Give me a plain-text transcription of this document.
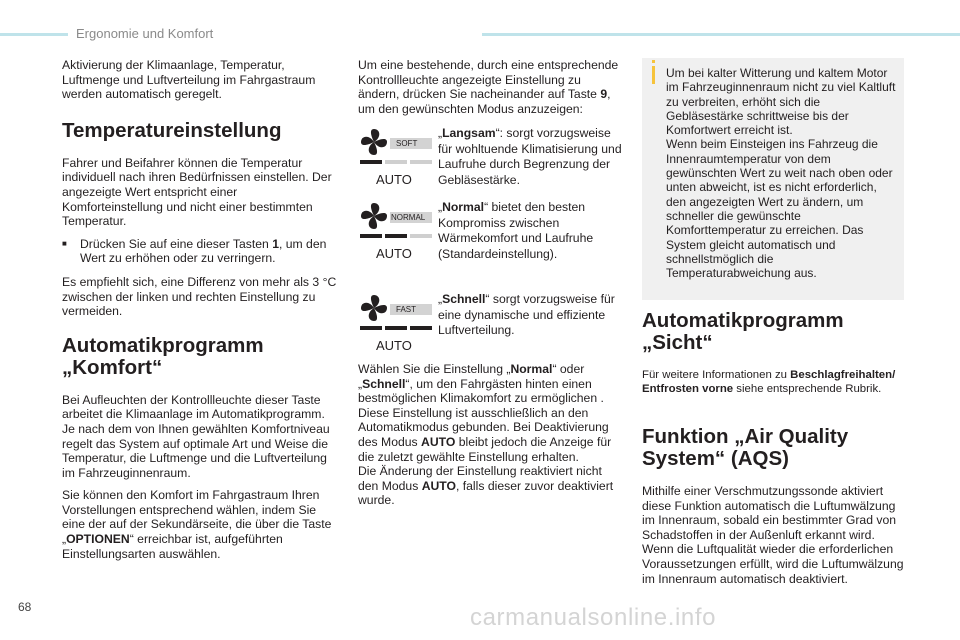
Ergonomie und Komfort

Aktivierung der Klimaanlage, Temperatur, Luftmenge und Luftverteilung im Fahrgastraum werden automatisch geregelt.

Temperatureinstellung

Fahrer und Beifahrer können die Temperatur individuell nach ihren Bedürfnissen einstellen. Der angezeigte Wert entspricht einer Komforteinstellung und nicht einer bestimmten Temperatur.

■	Drücken Sie auf eine dieser Tasten 1, um den Wert zu erhöhen oder zu verringern.

Es empfiehlt sich, eine Differenz von mehr als 3 °C zwischen der linken und rechten Einstellung zu vermeiden.

Automatikprogramm „Komfort“

Bei Aufleuchten der Kontrollleuchte dieser Taste arbeitet die Klimaanlage im Automatikprogramm. Je nach dem von Ihnen gewählten Komfortniveau regelt das System auf optimale Art und Weise die Temperatur, die Luftmenge und die Luftverteilung im Fahrzeuginnenraum.

Sie können den Komfort im Fahrgastraum Ihren Vorstellungen entsprechend wählen, indem Sie eine der auf der Sekundärseite, die über die Taste „OPTIONEN“ erreichbar ist, aufgeführten Einstellungsarten auswählen.

Um eine bestehende, durch eine entsprechende Kontrollleuchte angezeigte Einstellung zu ändern, drücken Sie nacheinander auf Taste 9, um den gewünschten Modus anzuzeigen:

SOFT
AUTO
„Langsam“: sorgt vorzugsweise für wohltuende Klimatisierung und Laufruhe durch Begrenzung der Gebläsestärke.
NORMAL
AUTO
„Normal“ bietet den besten Kompromiss zwischen Wärmekomfort und Laufruhe (Standardeinstellung).
FAST
AUTO
„Schnell“ sorgt vorzugsweise für eine dynamische und effiziente Luftverteilung.

Wählen Sie die Einstellung „Normal“ oder „Schnell“, um den Fahrgästen hinten einen bestmöglichen Klimakomfort zu ermöglichen . Diese Einstellung ist ausschließlich an den Automatikmodus gebunden. Bei Deaktivierung des Modus AUTO bleibt jedoch die Anzeige für die zuletzt gewählte Einstellung erhalten.

Die Änderung der Einstellung reaktiviert nicht den Modus AUTO, falls dieser zuvor deaktiviert wurde.

Um bei kalter Witterung und kaltem Motor im Fahrzeuginnenraum nicht zu viel Kaltluft zu verbreiten, erhöht sich die Gebläsestärke schrittweise bis der Komfortwert erreicht ist.
Wenn beim Einsteigen ins Fahrzeug die Innenraumtemperatur von dem gewünschten Wert zu weit nach oben oder unten abweicht, ist es nicht erforderlich, den angezeigten Wert zu ändern, um schneller die gewünschte Komforttemperatur zu erreichen. Das System gleicht automatisch und schnellstmöglich die Temperaturabweichung aus.
Automatikprogramm „Sicht“

Für weitere Informationen zu Beschlagfreihalten/ Entfrosten vorne siehe entsprechende Rubrik.

Funktion „Air Quality System“ (AQS)

Mithilfe einer Verschmutzungssonde aktiviert diese Funktion automatisch die Luftumwälzung im Innenraum, sobald ein bestimmter Grad von Schadstoffen in der Außenluft erkannt wird. Wenn die Luftqualität wieder die erforderlichen Voraussetzungen erfüllt, wird die Luftumwälzung im Innenraum automatisch deaktiviert.

68	carmanualsonline.info
